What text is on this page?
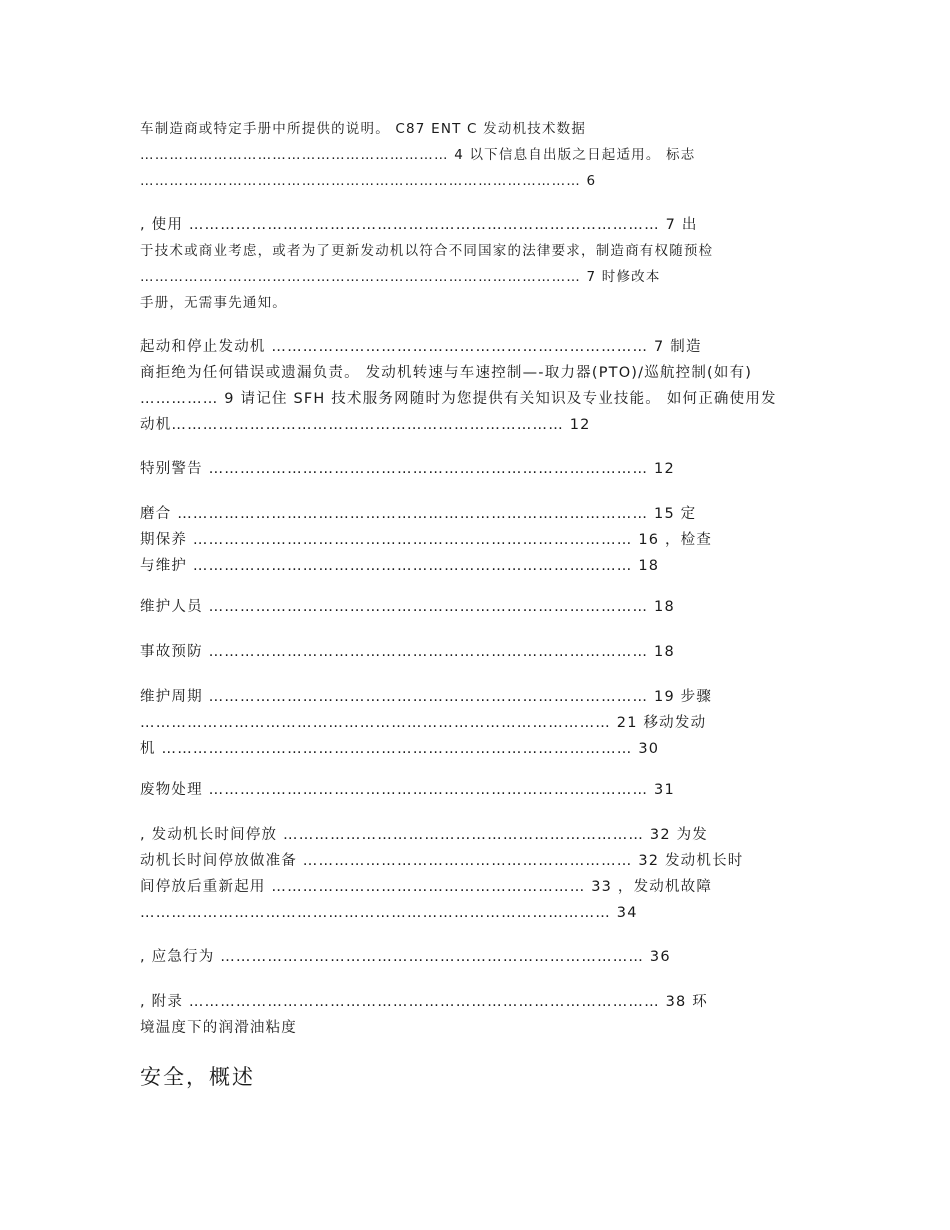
车制造商或特定手册中所提供的说明。 C87 ENT C 发动机技术数据
……………………………………………………… 4 以下信息自出版之日起适用。 标志
……………………………………………………………………………… 6
, 使用 ……………………………………………………………………………… 7 出
于技术或商业考虑，或者为了更新发动机以符合不同国家的法律要求，制造商有权随预检
……………………………………………………………………………… 7 时修改本
手册，无需事先通知。
起动和停止发动机 ……………………………………………………………… 7 制造
商拒绝为任何错误或遗漏负责。 发动机转速与车速控制—-取力器(PTO)/巡航控制(如有)
…………… 9 请记住 SFH 技术服务网随时为您提供有关知识及专业技能。 如何正确使用发
动机………………………………………………………………… 12
特别警告 ………………………………………………………………………… 12
磨合 ……………………………………………………………………………… 15 定
期保养 ………………………………………………………………………… 16 ，检查
与维护 ………………………………………………………………………… 18
维护人员 ………………………………………………………………………… 18
事故预防 ………………………………………………………………………… 18
维护周期 ………………………………………………………………………… 19 步骤
……………………………………………………………………………… 21 移动发动
机 ……………………………………………………………………………… 30
废物处理 ………………………………………………………………………… 31
, 发动机长时间停放 …………………………………………………………… 32 为发
动机长时间停放做准备 ……………………………………………………… 32 发动机长时
间停放后重新起用 …………………………………………………… 33 ，发动机故障
……………………………………………………………………………… 34
, 应急行为 ……………………………………………………………………… 36
, 附录 ……………………………………………………………………………… 38 环
境温度下的润滑油粘度
安全，概述
